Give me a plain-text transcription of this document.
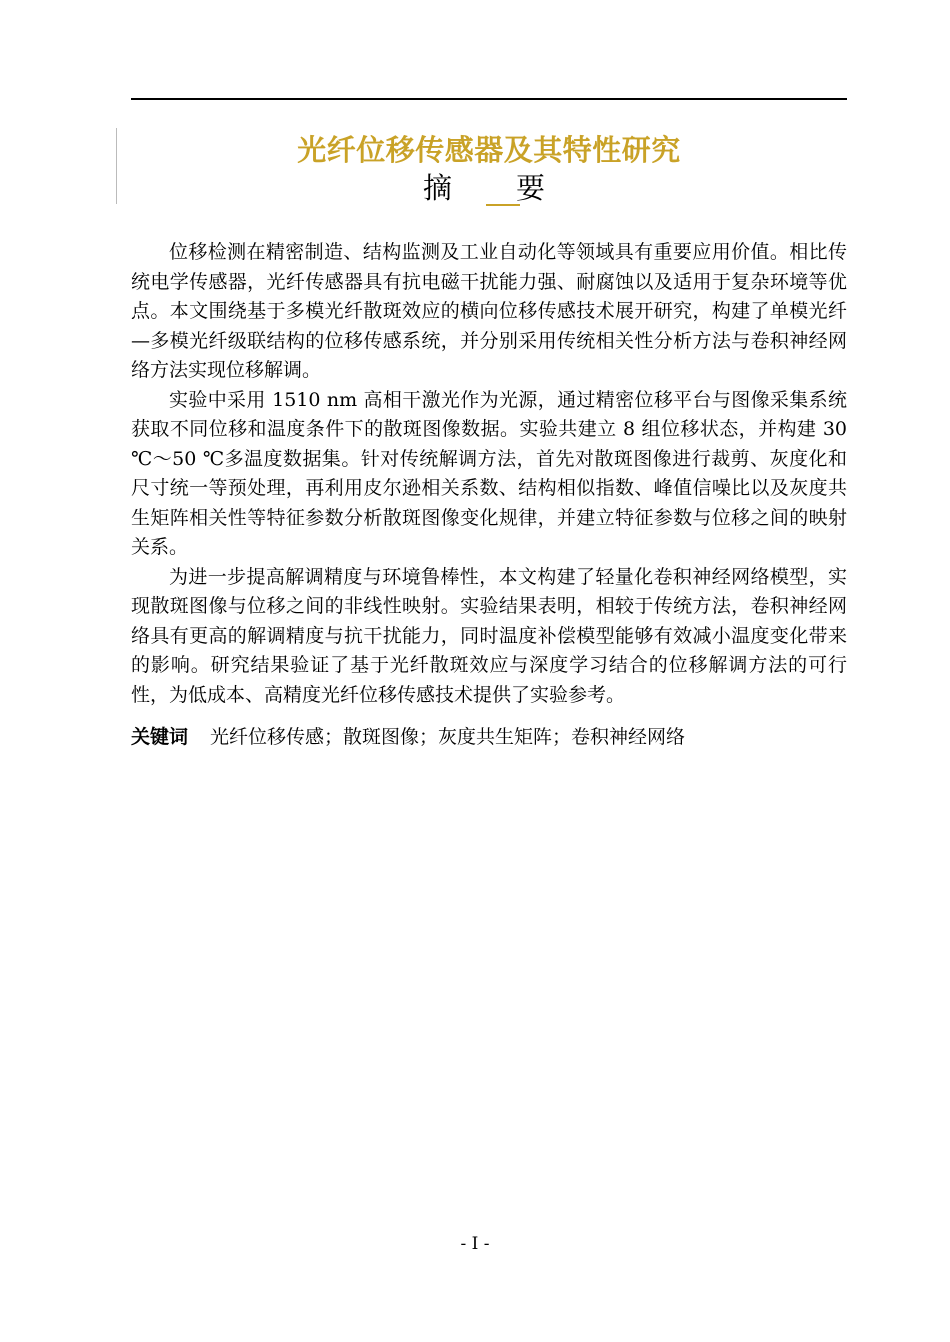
光纤位移传感器及其特性研究
摘 要

位移检测在精密制造、结构监测及工业自动化等领域具有重要应用价值。相比传统电学传感器，光纤传感器具有抗电磁干扰能力强、耐腐蚀以及适用于复杂环境等优点。本文围绕基于多模光纤散斑效应的横向位移传感技术展开研究，构建了单模光纤—多模光纤级联结构的位移传感系统，并分别采用传统相关性分析方法与卷积神经网络方法实现位移解调。

实验中采用 1510 nm 高相干激光作为光源，通过精密位移平台与图像采集系统获取不同位移和温度条件下的散斑图像数据。实验共建立 8 组位移状态，并构建 30 ℃～50 ℃多温度数据集。针对传统解调方法，首先对散斑图像进行裁剪、灰度化和尺寸统一等预处理，再利用皮尔逊相关系数、结构相似指数、峰值信噪比以及灰度共生矩阵相关性等特征参数分析散斑图像变化规律，并建立特征参数与位移之间的映射关系。

为进一步提高解调精度与环境鲁棒性，本文构建了轻量化卷积神经网络模型，实现散斑图像与位移之间的非线性映射。实验结果表明，相较于传统方法，卷积神经网络具有更高的解调精度与抗干扰能力，同时温度补偿模型能够有效减小温度变化带来的影响。研究结果验证了基于光纤散斑效应与深度学习结合的位移解调方法的可行性，为低成本、高精度光纤位移传感技术提供了实验参考。

关键词 光纤位移传感；散斑图像；灰度共生矩阵；卷积神经网络

- I -
